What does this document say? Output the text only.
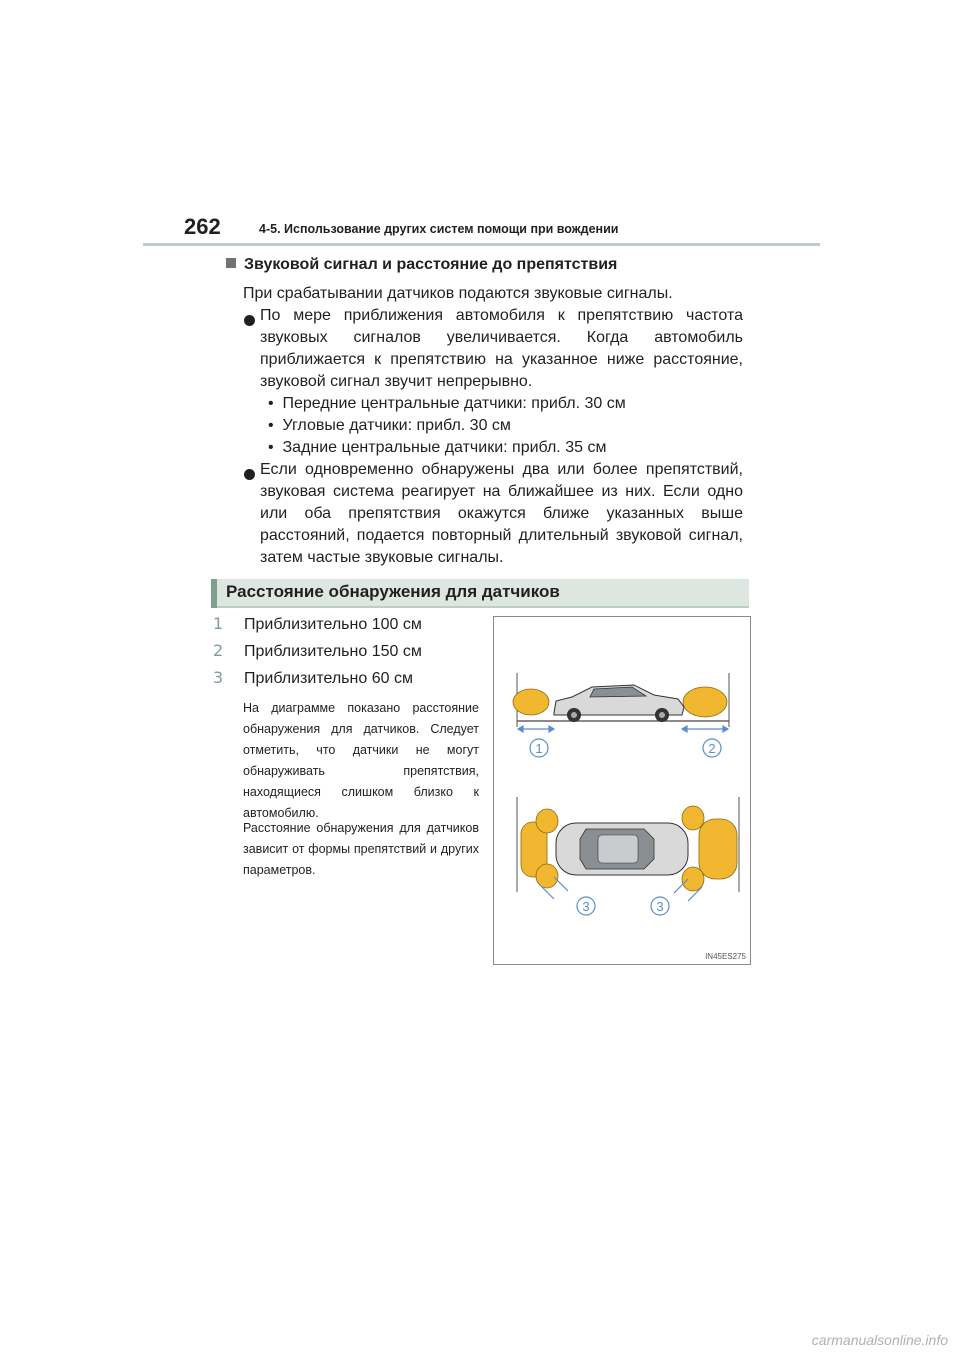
262	4-5. Использование других систем помощи при вождении
Звуковой сигнал и расстояние до препятствия
При срабатывании датчиков подаются звуковые сигналы.
По мере приближения автомобиля к препятствию частота
звуковых сигналов увеличивается. Когда автомобиль
приближается к препятствию на указанное ниже расстояние,
звуковой сигнал звучит непрерывно.
•  Передние центральные датчики: прибл. 30 см
•  Угловые датчики: прибл. 30 см
•  Задние центральные датчики: прибл. 35 см
Если одновременно обнаружены два или более препятствий,
звуковая система реагирует на ближайшее из них. Если одно
или оба препятствия окажутся ближе указанных выше
расстояний, подается повторный длительный звуковой сигнал,
затем частые звуковые сигналы.
Расстояние обнаружения для датчиков
1 Приблизительно 100 см
2 Приблизительно 150 см
3 Приблизительно 60 см
На диаграмме показано расстояние обнаружения для датчиков. Следует отметить, что датчики не могут обнаруживать препятствия, находящиеся слишком близко к автомобилю.
Расстояние обнаружения для датчиков зависит от формы препятствий и других параметров.
1	2
3	3
IN45ES275
carmanualsonline.info
